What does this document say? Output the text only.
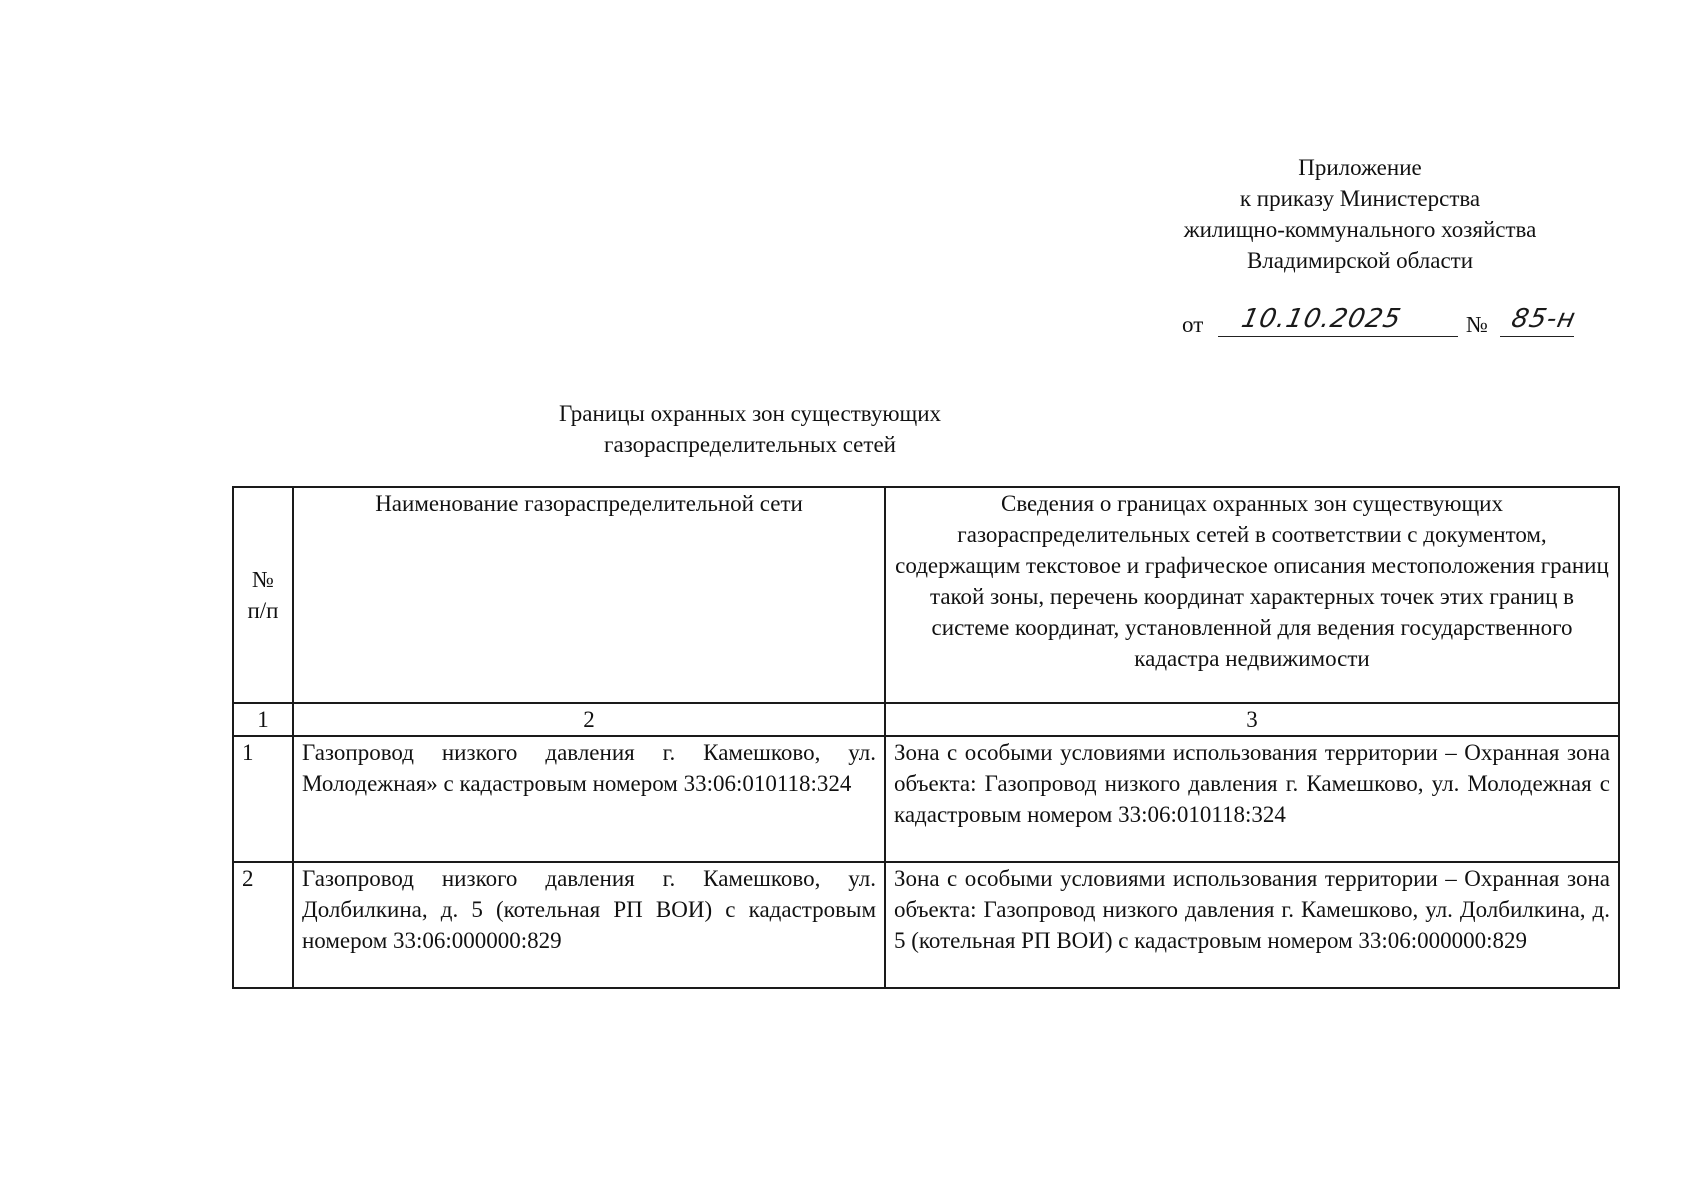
Приложение
к приказу Министерства
жилищно-коммунального хозяйства
Владимирской области
от 10.10.2025	№ 85-н
Границы охранных зон существующих
газораспределительных сетей
№ п/п	Наименование газораспределительной сети	Сведения о границах охранных зон существующих газораспределительных сетей в соответствии с документом, содержащим текстовое и графическое описания местоположения границ такой зоны, перечень координат характерных точек этих границ в системе координат, установленной для ведения государственного кадастра недвижимости
1	2	3
1	Газопровод низкого давления г. Камешково, ул. Молодежная» с кадастровым номером 33:06:010118:324	Зона с особыми условиями использования территории – Охранная зона объекта: Газопровод низкого давления г. Камешково, ул. Молодежная с кадастровым номером 33:06:010118:324
2	Газопровод низкого давления г. Камешково, ул. Долбилкина, д. 5 (котельная РП ВОИ) с кадастровым номером 33:06:000000:829	Зона с особыми условиями использования территории – Охранная зона объекта: Газопровод низкого давления г. Камешково, ул. Долбилкина, д. 5 (котельная РП ВОИ) с кадастровым номером 33:06:000000:829
